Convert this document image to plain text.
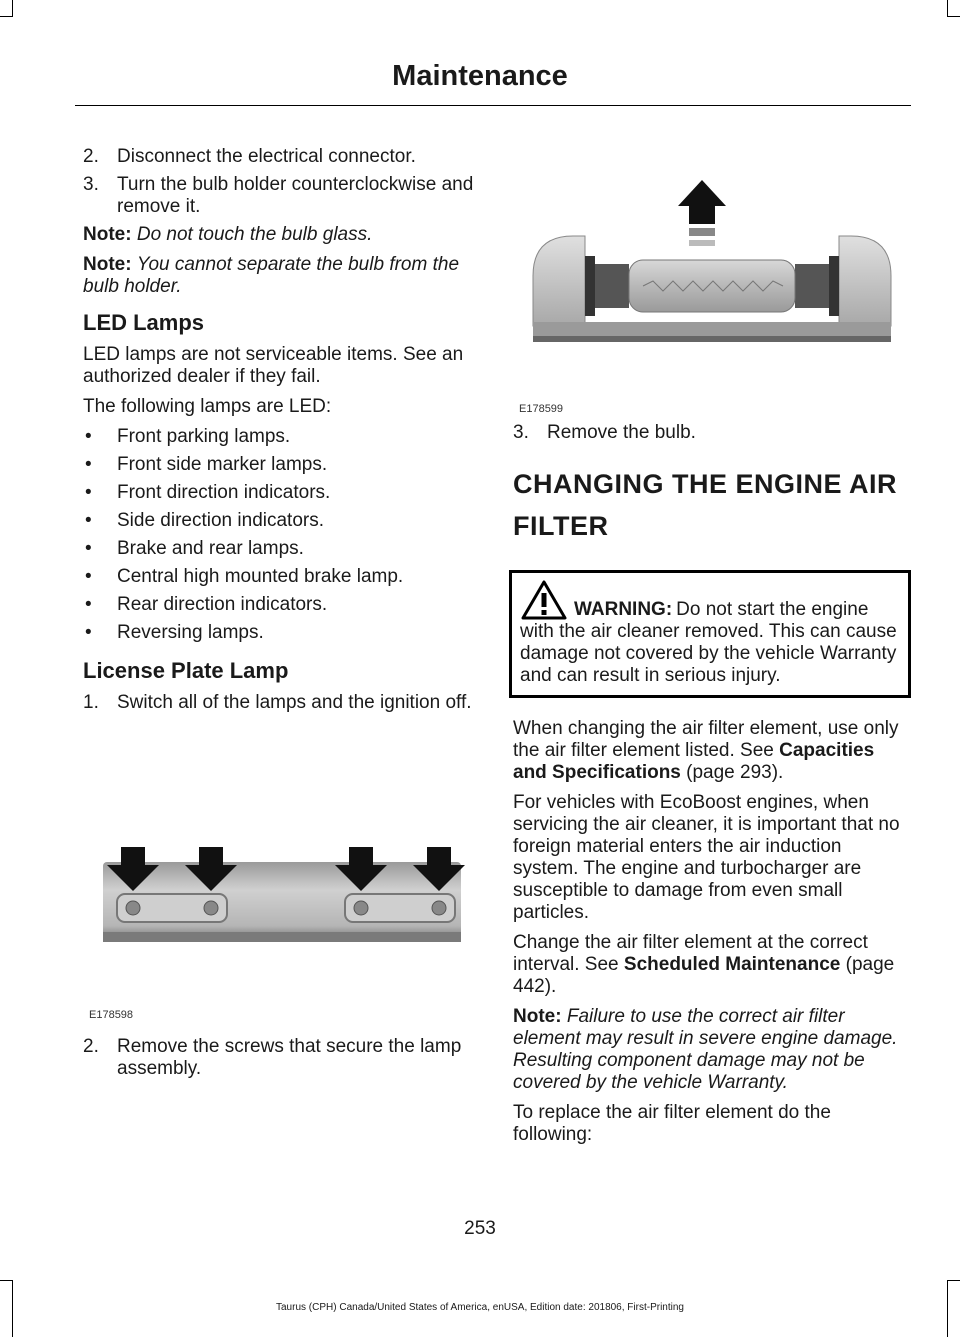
Maintenance
2. Disconnect the electrical connector.
3. Turn the bulb holder counterclockwise and remove it.
Note: Do not touch the bulb glass.
Note: You cannot separate the bulb from the bulb holder.
LED Lamps
LED lamps are not serviceable items. See an authorized dealer if they fail.
The following lamps are LED:
• Front parking lamps.
• Front side marker lamps.
• Front direction indicators.
• Side direction indicators.
• Brake and rear lamps.
• Central high mounted brake lamp.
• Rear direction indicators.
• Reversing lamps.
License Plate Lamp
1. Switch all of the lamps and the ignition off.
E178598
2. Remove the screws that secure the lamp assembly.
E178599
3. Remove the bulb.
CHANGING THE ENGINE AIR
FILTER
WARNING: Do not start the engine
with the air cleaner removed. This can cause damage not covered by the vehicle Warranty and can result in serious injury.
When changing the air filter element, use only the air filter element listed. See Capacities and Specifications (page 293).
For vehicles with EcoBoost engines, when servicing the air cleaner, it is important that no foreign material enters the air induction system. The engine and turbocharger are susceptible to damage from even small particles.
Change the air filter element at the correct interval. See Scheduled Maintenance (page 442).
Note: Failure to use the correct air filter element may result in severe engine damage. Resulting component damage may not be covered by the vehicle Warranty.
To replace the air filter element do the following:
253
Taurus (CPH) Canada/United States of America, enUSA, Edition date: 201806, First-Printing
